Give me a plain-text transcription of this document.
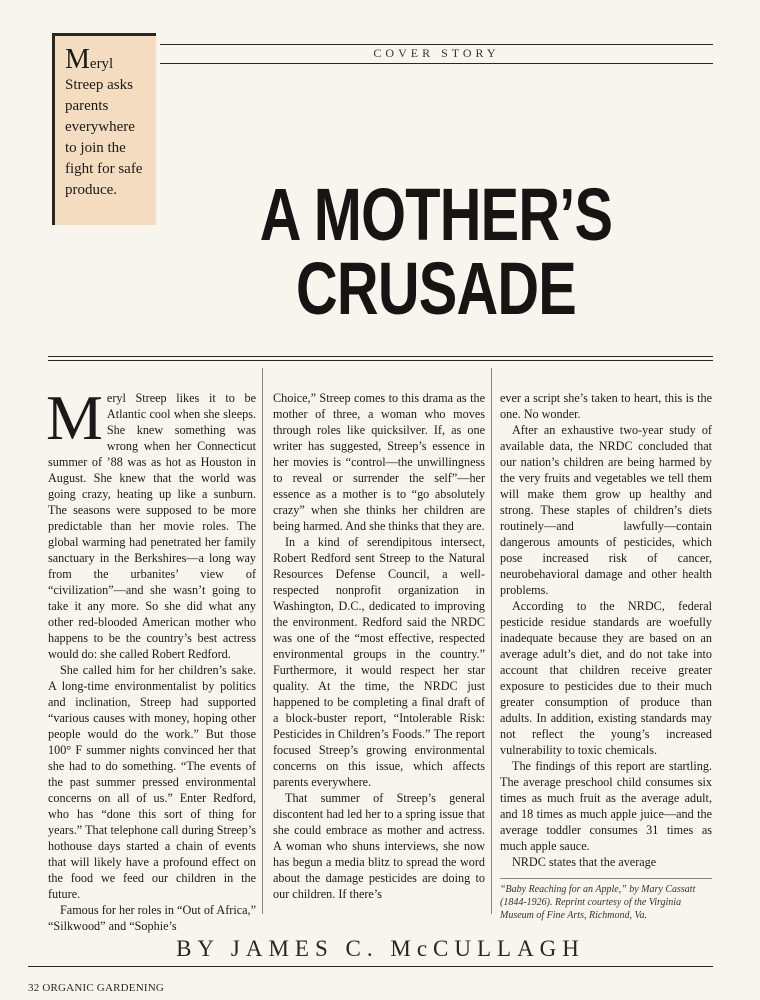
Meryl Streep asks parents everywhere to join the fight for safe produce.
COVER STORY
A MOTHER’S
CRUSADE

Meryl Streep likes it to be Atlantic cool when she sleeps. She knew something was wrong when her Connecticut summer of ’88 was as hot as Houston in August. She knew that the world was going crazy, heating up like a sunburn. The seasons were supposed to be more predictable than her movie roles. The global warming had penetrated her family sanctuary in the Berkshires—a long way from the urbanites’ view of “civilization”—and she wasn’t going to take it any more. So she did what any other red-blooded American mother who happens to be the country’s best actress would do: she called Robert Redford.

She called him for her children’s sake. A long-time environmentalist by politics and inclination, Streep had supported “various causes with money, hoping other people would do the work.” But those 100° F summer nights convinced her that she had to do something. “The events of the past summer pressed environmental concerns on all of us.” Enter Redford, who has “done this sort of thing for years.” That telephone call during Streep’s hothouse days started a chain of events that will likely have a profound effect on the food we feed our children in the future.

Famous for her roles in “Out of Africa,” “Silkwood” and “Sophie’s

Choice,” Streep comes to this drama as the mother of three, a woman who moves through roles like quicksilver. If, as one writer has suggested, Streep’s essence in her movies is “control—the unwillingness to reveal or surrender the self”—her essence as a mother is to “go absolutely crazy” when she thinks her children are being harmed. And she thinks that they are.

In a kind of serendipitous intersect, Robert Redford sent Streep to the Natural Resources Defense Council, a well-respected nonprofit organization in Washington, D.C., dedicated to improving the environment. Redford said the NRDC was one of the “most effective, respected environmental groups in the country.” Furthermore, it would respect her star quality. At the time, the NRDC just happened to be completing a final draft of a block-buster report, “Intolerable Risk: Pesticides in Children’s Foods.” The report focused Streep’s growing environmental concerns on this issue, which affects parents everywhere.

That summer of Streep’s general discontent had led her to a spring issue that she could embrace as mother and actress. A woman who shuns interviews, she now has begun a media blitz to spread the word about the damage pesticides are doing to our children. If there’s

ever a script she’s taken to heart, this is the one. No wonder.

After an exhaustive two-year study of available data, the NRDC concluded that our nation’s children are being harmed by the very fruits and vegetables we tell them will make them grow up healthy and strong. These staples of children’s diets routinely—and lawfully—contain dangerous amounts of pesticides, which pose increased risk of cancer, neurobehavioral damage and other health problems.

According to the NRDC, federal pesticide residue standards are woefully inadequate because they are based on an average adult’s diet, and do not take into account that children receive greater exposure to pesticides due to their much greater consumption of produce than adults. In addition, existing standards may not reflect the young’s increased vulnerability to toxic chemicals.

The findings of this report are startling. The average preschool child consumes six times as much fruit as the average adult, and 18 times as much apple juice—and the average toddler consumes 31 times as much apple sauce.

NRDC states that the average

“Baby Reaching for an Apple,” by Mary Cassatt (1844-1926). Reprint courtesy of the Virginia Museum of Fine Arts, Richmond, Va.
BY JAMES C. McCULLAGH
32 ORGANIC GARDENING
